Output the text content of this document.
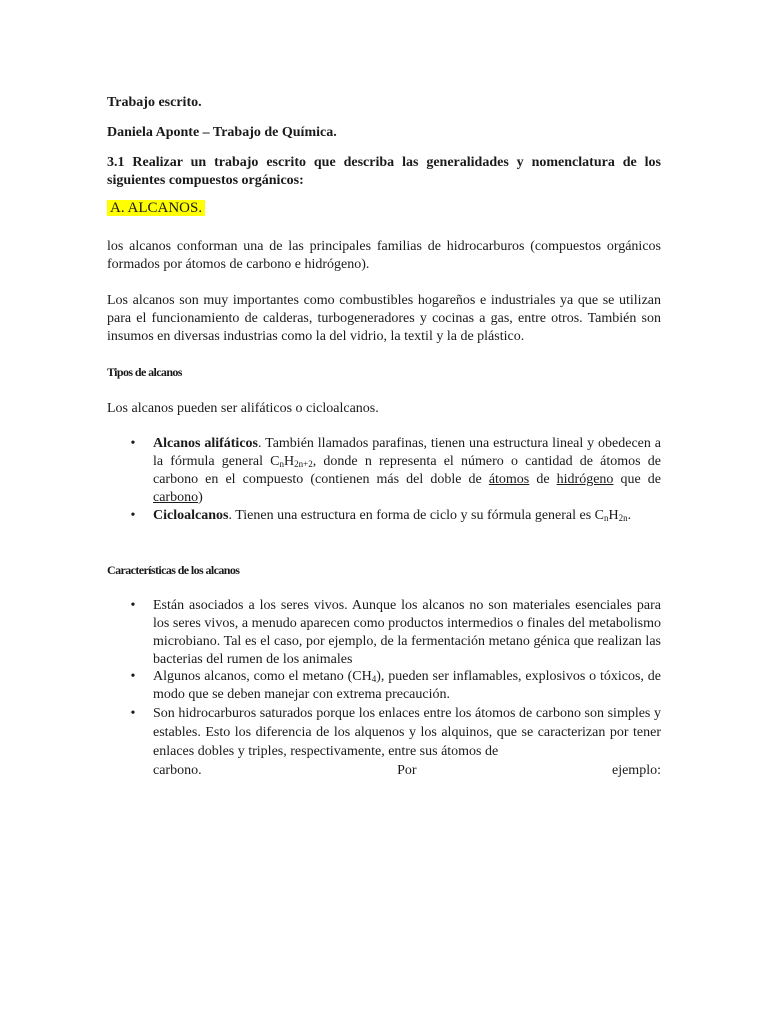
Trabajo escrito.

Daniela Aponte – Trabajo de Química.

3.1 Realizar un trabajo escrito que describa las generalidades y nomenclatura de los siguientes compuestos orgánicos:

A. ALCANOS.

los alcanos conforman una de las principales familias de hidrocarburos (compuestos orgánicos formados por átomos de carbono e hidrógeno).

Los alcanos son muy importantes como combustibles hogareños e industriales ya que se utilizan para el funcionamiento de calderas, turbogeneradores y cocinas a gas, entre otros. También son insumos en diversas industrias como la del vidrio, la textil y la de plástico.

Tipos de alcanos

Los alcanos pueden ser alifáticos o cicloalcanos.

• Alcanos alifáticos. También llamados parafinas, tienen una estructura lineal y obedecen a la fórmula general $C_nH_{2n+2}$, donde n representa el número o cantidad de átomos de carbono en el compuesto (contienen más del doble de átomos de hidrógeno que de carbono)
• Cicloalcanos. Tienen una estructura en forma de ciclo y su fórmula general es $C_nH_{2n}$.

Características de los alcanos

• Están asociados a los seres vivos. Aunque los alcanos no son materiales esenciales para los seres vivos, a menudo aparecen como productos intermedios o finales del metabolismo microbiano. Tal es el caso, por ejemplo, de la fermentación metano génica que realizan las bacterias del rumen de los animales
• Algunos alcanos, como el metano $(CH_4)$, pueden ser inflamables, explosivos o tóxicos, de modo que se deben manejar con extrema precaución.
• Son hidrocarburos saturados porque los enlaces entre los átomos de carbono son simples y estables. Esto los diferencia de los alquenos y los alquinos, que se caracterizan por tener enlaces dobles y triples, respectivamente, entre sus átomos de
carbono.	Por	ejemplo:
